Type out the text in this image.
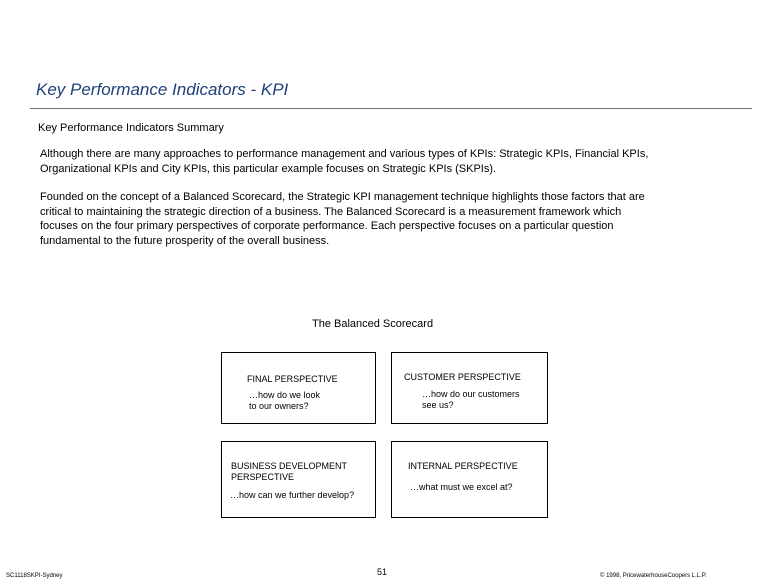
Key Performance Indicators - KPI
Key Performance Indicators Summary
Although there are many approaches to performance management and various types of KPIs: Strategic KPIs, Financial KPIs,
Organizational KPIs and City KPIs, this particular example focuses on Strategic KPIs (SKPIs).
Founded on the concept of a Balanced Scorecard, the Strategic KPI management technique highlights those factors that are
critical to maintaining the strategic direction of a business. The Balanced Scorecard is a measurement framework which
focuses on the four primary perspectives of corporate performance. Each perspective focuses on a particular question
fundamental to the future prosperity of the overall business.
The Balanced Scorecard
FINAL PERSPECTIVE
…how do we look
to our owners?
CUSTOMER PERSPECTIVE
…how do our customers
see us?
BUSINESS DEVELOPMENT
PERSPECTIVE
…how can we further develop?
INTERNAL PERSPECTIVE
…what must we excel at?
SC1118SKPI-Sydney	51	© 1998, PricewaterhouseCoopers L.L.P.
